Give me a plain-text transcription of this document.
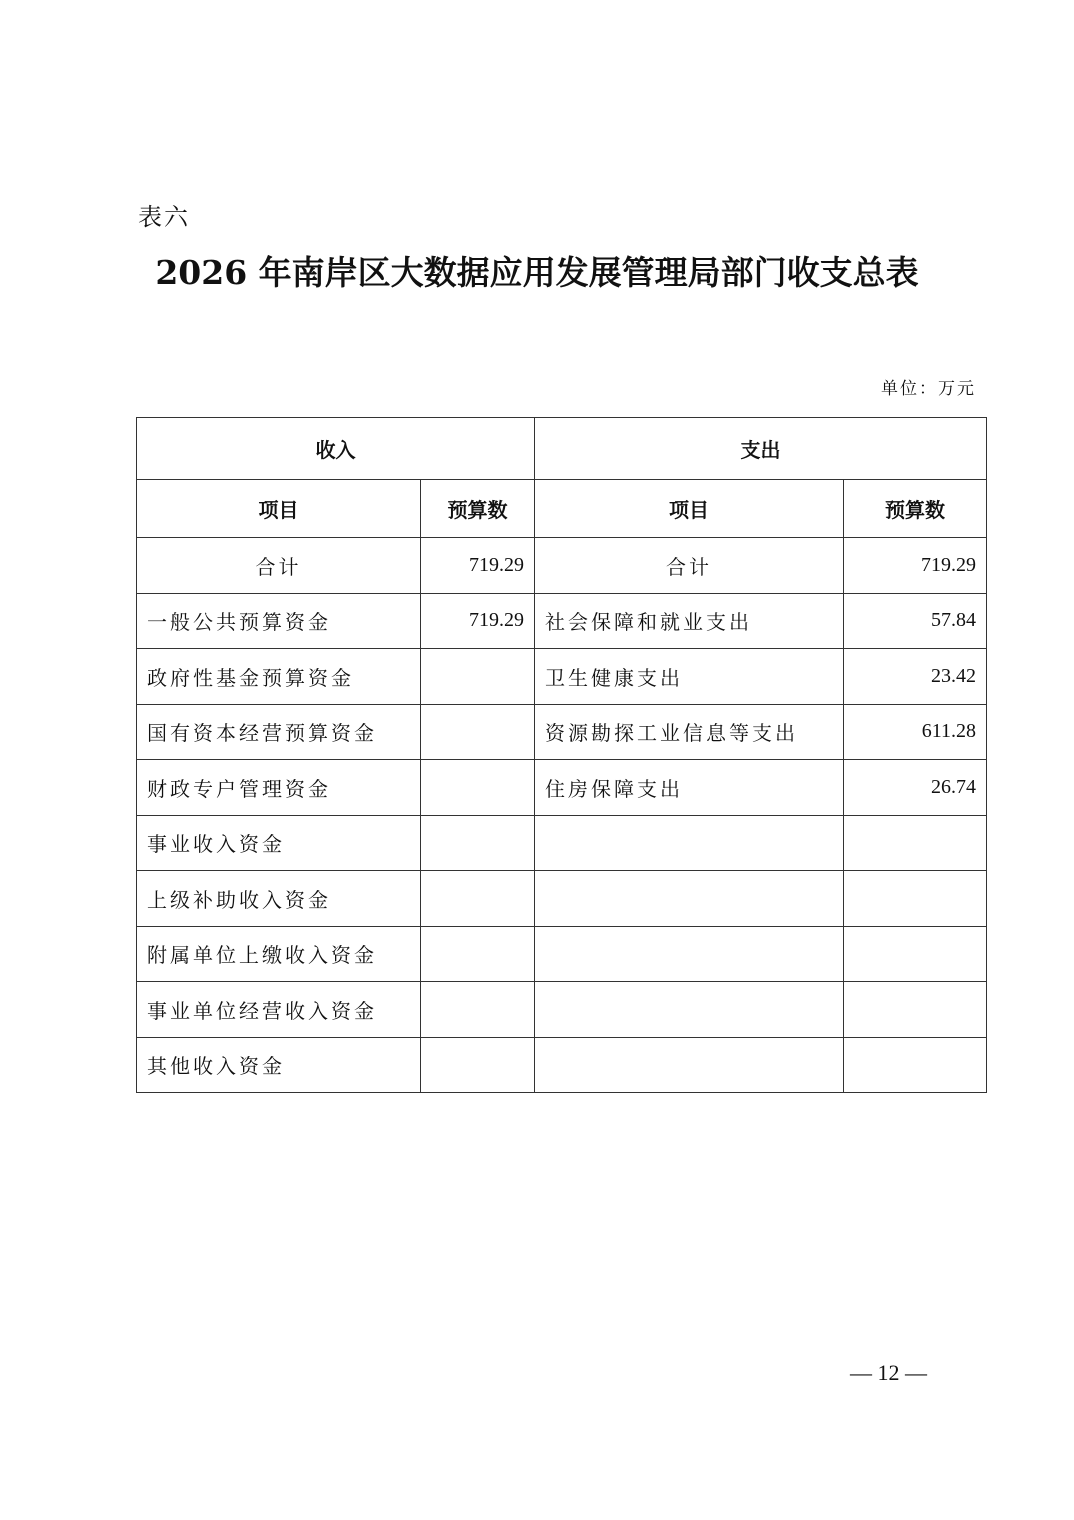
表六
2026 年南岸区大数据应用发展管理局部门收支总表
单位：万元
收入		支出	
项目	预算数	项目	预算数
合计	719.29	合计	719.29
一般公共预算资金	719.29	社会保障和就业支出	57.84
政府性基金预算资金		卫生健康支出	23.42
国有资本经营预算资金		资源勘探工业信息等支出	611.28
财政专户管理资金		住房保障支出	26.74
事业收入资金			
上级补助收入资金			
附属单位上缴收入资金			
事业单位经营收入资金			
其他收入资金			
— 12 —
